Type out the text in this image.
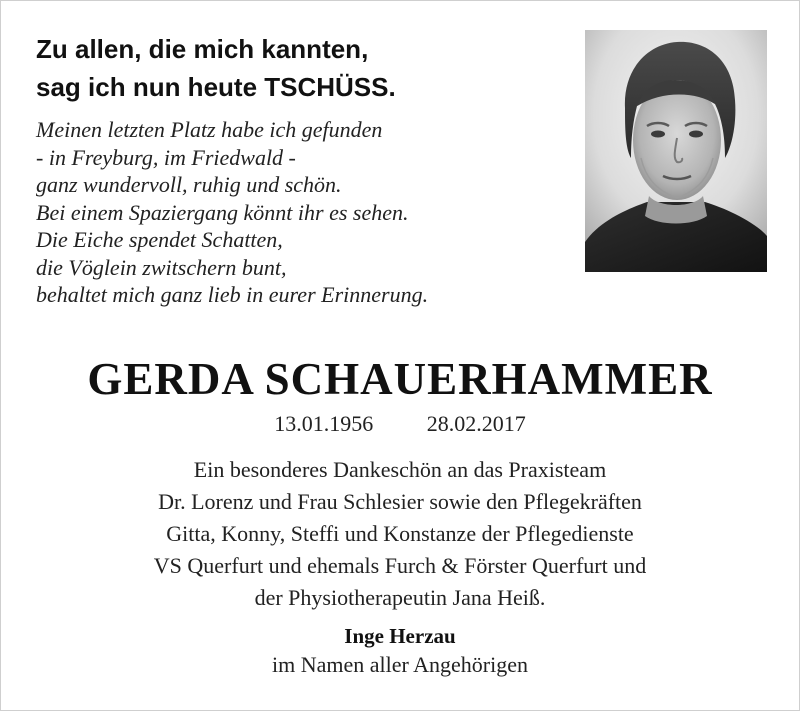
Zu allen, die mich kannten,
sag ich nun heute TSCHÜSS.
Meinen letzten Platz habe ich gefunden
- in Freyburg, im Friedwald -
ganz wundervoll, ruhig und schön.
Bei einem Spaziergang könnt ihr es sehen.
Die Eiche spendet Schatten,
die Vöglein zwitschern bunt,
behaltet mich ganz lieb in eurer Erinnerung.
GERDA SCHAUERHAMMER
13.01.1956 28.02.2017
Ein besonderes Dankeschön an das Praxisteam
Dr. Lorenz und Frau Schlesier sowie den Pflegekräften
Gitta, Konny, Steffi und Konstanze der Pflegedienste
VS Querfurt und ehemals Furch & Förster Querfurt und
der Physiotherapeutin Jana Heiß.
Inge Herzau
im Namen aller Angehörigen
